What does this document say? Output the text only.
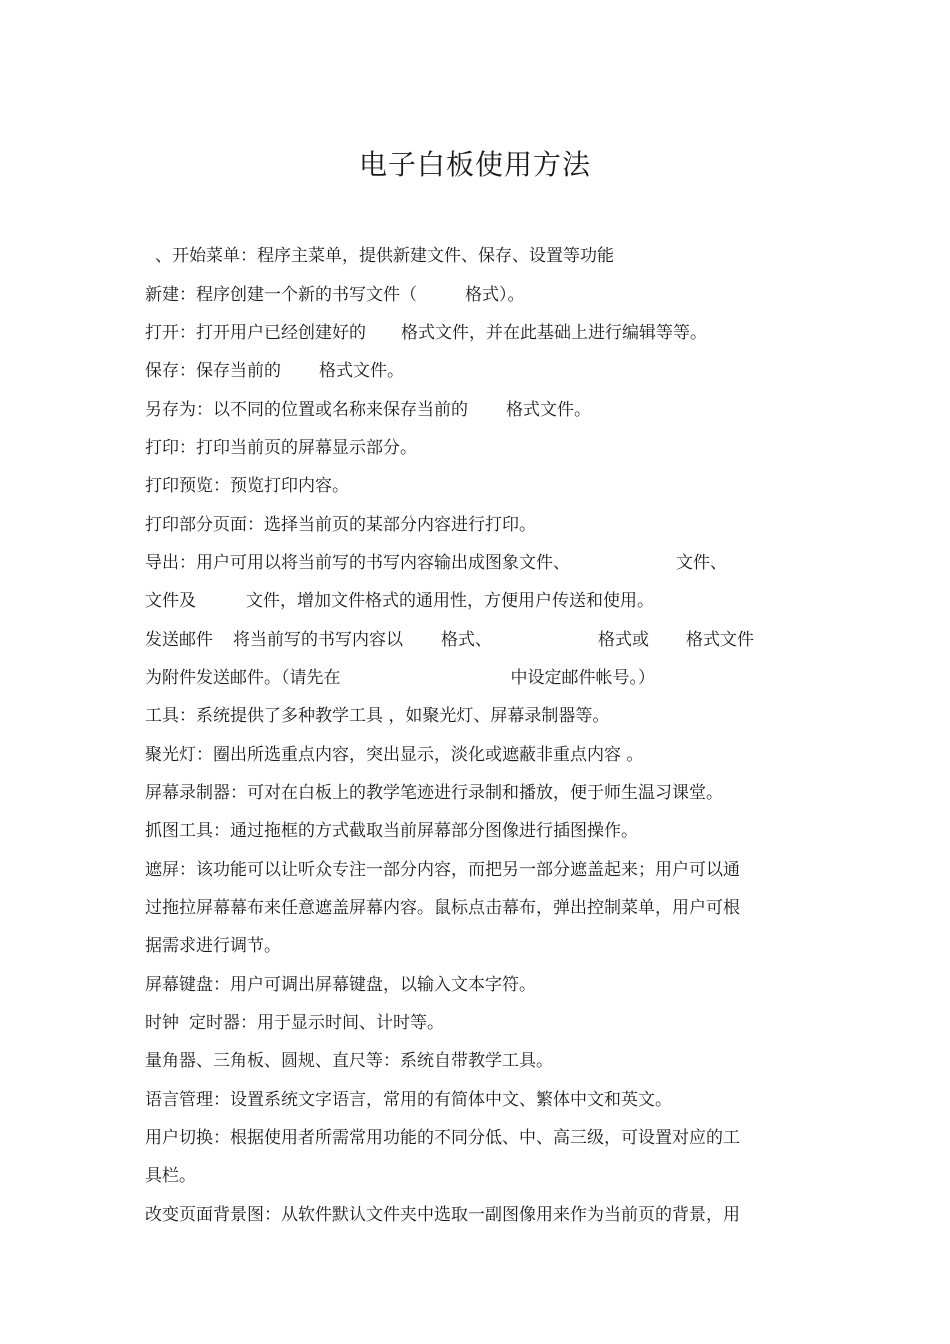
电子白板使用方法
、开始菜单：程序主菜单，提供新建文件、保存、设置等功能
新建：程序创建一个新的书写文件（	格式）。
打开：打开用户已经创建好的 格式文件，并在此基础上进行编辑等等。
保存：保存当前的 格式文件。
另存为：以不同的位置或名称来保存当前的 格式文件。
打印：打印当前页的屏幕显示部分。
打印预览：预览打印内容。
打印部分页面：选择当前页的某部分内容进行打印。
导出：用户可用以将当前写的书写内容输出成图象文件、	文件、
文件及	文件，增加文件格式的通用性，方便用户传送和使用。
发送邮件 将当前写的书写内容以 格式、	格式或 格式文件
为附件发送邮件。（请先在	中设定邮件帐号。）
工具：系统提供了多种教学工具 ，如聚光灯、屏幕录制器等。
聚光灯：圈出所选重点内容，突出显示，淡化或遮蔽非重点内容 。
屏幕录制器：可对在白板上的教学笔迹进行录制和播放，便于师生温习课堂。
抓图工具：通过拖框的方式截取当前屏幕部分图像进行插图操作。
遮屏：该功能可以让听众专注一部分内容，而把另一部分遮盖起来；用户可以通
过拖拉屏幕幕布来任意遮盖屏幕内容。鼠标点击幕布，弹出控制菜单，用户可根
据需求进行调节。
屏幕键盘：用户可调出屏幕键盘，以输入文本字符。
时钟 定时器：用于显示时间、计时等。
量角器、三角板、圆规、直尺等：系统自带教学工具。
语言管理：设置系统文字语言，常用的有简体中文、繁体中文和英文。
用户切换：根据使用者所需常用功能的不同分低、中、高三级，可设置对应的工
具栏。
改变页面背景图：从软件默认文件夹中选取一副图像用来作为当前页的背景，用
